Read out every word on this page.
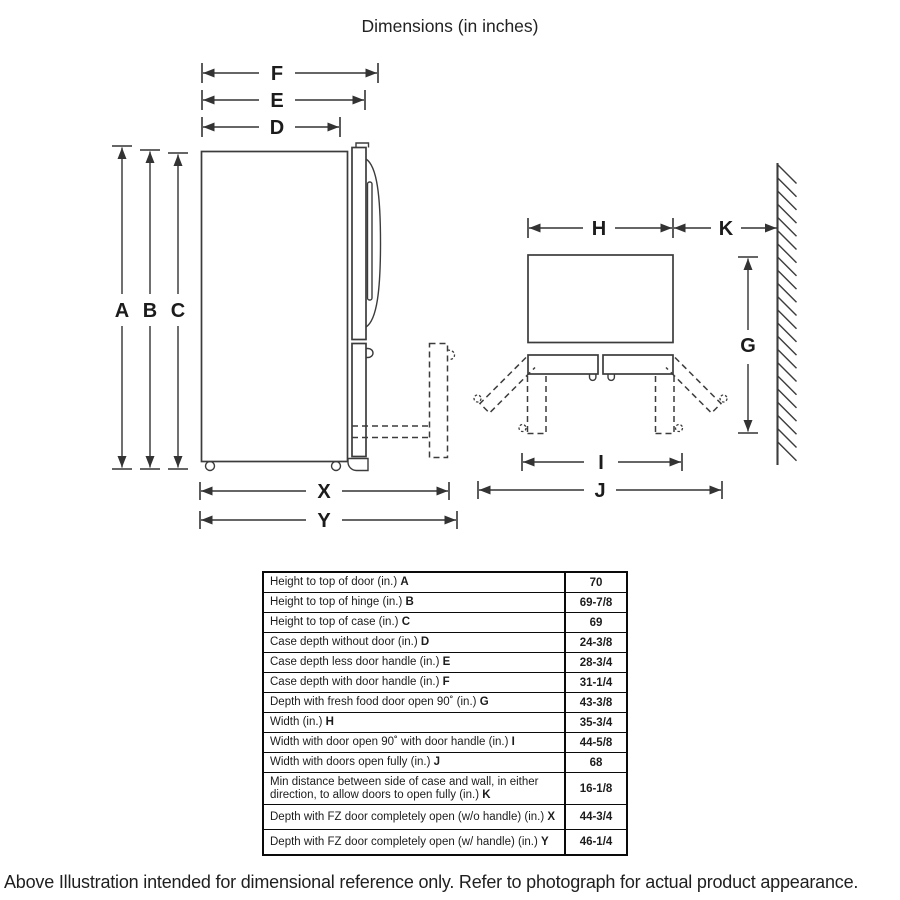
Dimensions (in inches)
F
E
D
A B C
X
Y
H	K
G
I
J
Height to top of door (in.) A	70
Height to top of hinge (in.) B	69-7/8
Height to top of case (in.) C	69
Case depth without door (in.) D	24-3/8
Case depth less door handle (in.) E	28-3/4
Case depth with door handle (in.) F	31-1/4
Depth with fresh food door open 90˚ (in.) G	43-3/8
Width (in.) H	35-3/4
Width with door open 90˚ with door handle (in.) I	44-5/8
Width with doors open fully (in.) J	68
Min distance between side of case and wall, in either direction, to allow doors to open fully (in.) K	16-1/8
Depth with FZ door completely open (w/o handle) (in.) X	44-3/4
Depth with FZ door completely open (w/ handle) (in.) Y	46-1/4
Above Illustration intended for dimensional reference only. Refer to photograph for actual product appearance.
